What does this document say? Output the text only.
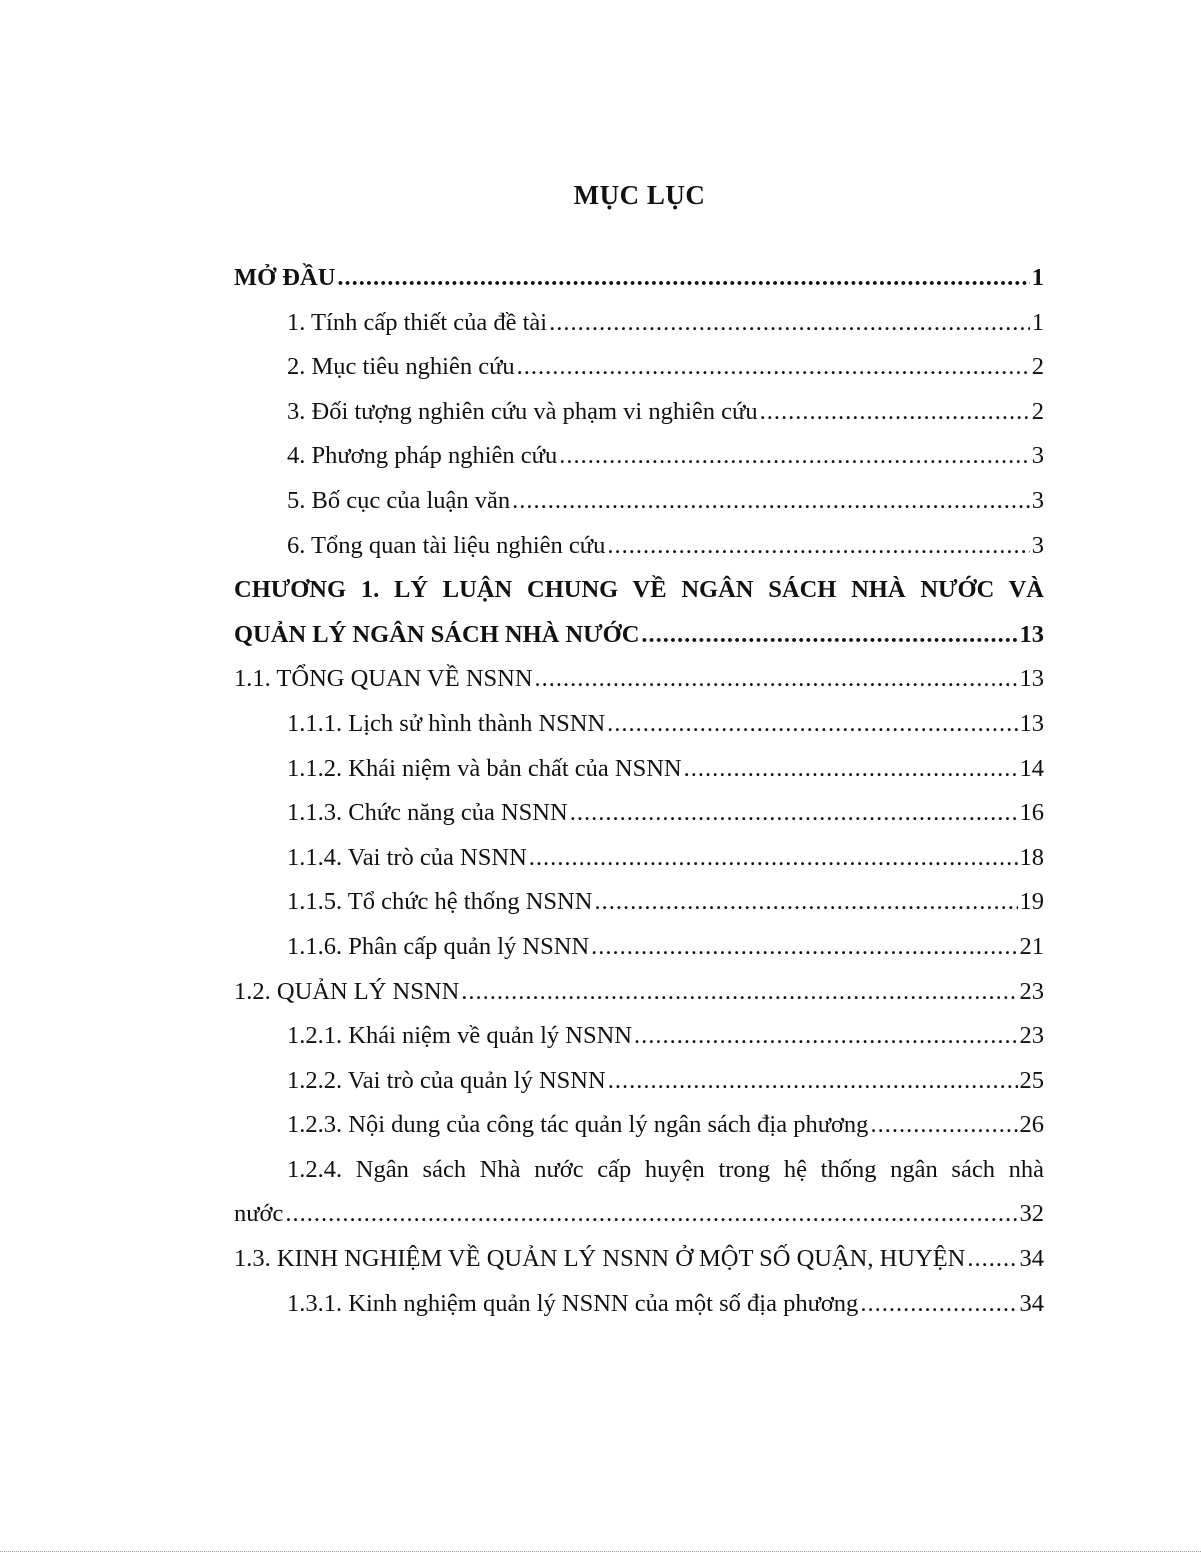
MỤC LỤC
MỞ ĐẦU .....	1
1. Tính cấp thiết của đề tài .....	1
2. Mục tiêu nghiên cứu .....	2
3. Đối tượng nghiên cứu và phạm vi nghiên cứu .....	2
4. Phương pháp nghiên cứu .....	3
5. Bố cục của luận văn .....	3
6. Tổng quan tài liệu nghiên cứu .....	3
CHƯƠNG 1. LÝ LUẬN CHUNG VỀ NGÂN SÁCH NHÀ NƯỚC VÀ
QUẢN LÝ NGÂN SÁCH NHÀ NƯỚC .....	13
1.1. TỔNG QUAN VỀ NSNN .....	13
1.1.1. Lịch sử hình thành NSNN .....	13
1.1.2. Khái niệm và bản chất của NSNN .....	14
1.1.3. Chức năng của NSNN .....	16
1.1.4. Vai trò của NSNN .....	18
1.1.5. Tổ chức hệ thống NSNN .....	19
1.1.6. Phân cấp quản lý NSNN .....	21
1.2. QUẢN LÝ NSNN .....	23
1.2.1. Khái niệm về quản lý NSNN .....	23
1.2.2. Vai trò của quản lý NSNN .....	25
1.2.3. Nội dung của công tác quản lý ngân sách địa phương .....	26
1.2.4. Ngân sách Nhà nước cấp huyện trong hệ thống ngân sách nhà
nước .....	32
1.3. KINH NGHIỆM VỀ QUẢN LÝ NSNN Ở MỘT SỐ QUẬN, HUYỆN ..... 34
1.3.1. Kinh nghiệm quản lý NSNN của một số địa phương .....	34
